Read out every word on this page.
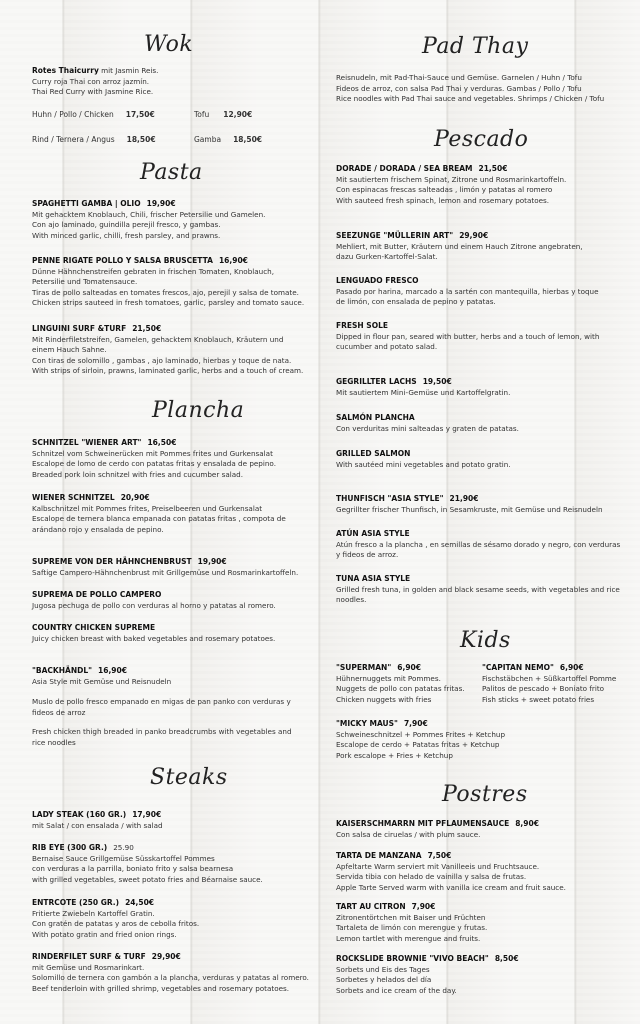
Wok
Rotes Thaicurry mit Jasmin Reis.
Curry roja Thai con arroz jazmín.
Thai Red Curry with Jasmine Rice.
Huhn / Pollo / Chicken 17,50€	Tofu 12,90€
Rind / Ternera / Angus 18,50€	Gamba 18,50€
Pasta
SPAGHETTI GAMBA | OLIO 19,90€
Mit gehacktem Knoblauch, Chili, frischer Petersilie und Gamelen.
Con ajo laminado, guindilla perejil fresco, y gambas.
With minced garlic, chilli, fresh parsley, and prawns.
PENNE RIGATE POLLO Y SALSA BRUSCETTA 16,90€
Dünne Hähnchenstreifen gebraten in frischen Tomaten, Knoblauch,
Petersilie und Tomatensauce.
Tiras de pollo salteadas en tomates frescos, ajo, perejil y salsa de tomate.
Chicken strips sauteed in fresh tomatoes, garlic, parsley and tomato sauce.
LINGUINI SURF &TURF 21,50€
Mit Rinderfiletstreifen, Gamelen, gehacktem Knoblauch, Kräutern und
einem Hauch Sahne.
Con tiras de solomillo , gambas , ajo laminado, hierbas y toque de nata.
With strips of sirloin, prawns, laminated garlic, herbs and a touch of cream.
Plancha
SCHNITZEL "WIENER ART" 16,50€
Schnitzel vom Schweinerücken mit Pommes frites und Gurkensalat
Escalope de lomo de cerdo con patatas fritas y ensalada de pepino.
Breaded pork loin schnitzel with fries and cucumber salad.
WIENER SCHNITZEL 20,90€
Kalbschnitzel mit Pommes frites, Preiselbeeren und Gurkensalat
Escalope de ternera blanca empanada con patatas fritas , compota de
arándano rojo y ensalada de pepino.
SUPREME VON DER HÄHNCHENBRUST 19,90€
Saftige Campero-Hähnchenbrust mit Grillgemüse und Rosmarinkartoffeln.
SUPREMA DE POLLO CAMPERO
Jugosa pechuga de pollo con verduras al horno y patatas al romero.
COUNTRY CHICKEN SUPREME
Juicy chicken breast with baked vegetables and rosemary potatoes.
"BACKHÄNDL" 16,90€
Asia Style mit Gemüse und Reisnudeln
Muslo de pollo fresco empanado en migas de pan panko con verduras y
fideos de arroz
Fresh chicken thigh breaded in panko breadcrumbs with vegetables and
rice noodles
Steaks
LADY STEAK (160 GR.) 17,90€
mit Salat / con ensalada / with salad
RIB EYE (300 GR.) 25.90
Bernaise Sauce Grillgemüse Süsskartoffel Pommes
con verduras a la parrilla, boniato frito y salsa bearnesa
with grilled vegetables, sweet potato fries and Béarnaise sauce.
ENTRCOTE (250 GR.) 24,50€
Fritierte Zwiebeln Kartoffel Gratin.
Con gratén de patatas y aros de cebolla fritos.
With potato gratin and fried onion rings.
RINDERFILET SURF & TURF 29,90€
mit Gemüse und Rosmarinkart.
Solomillo de ternera con gambón a la plancha, verduras y patatas al romero.
Beef tenderloin with grilled shrimp, vegetables and rosemary potatoes.
Pad Thay
Reisnudeln, mit Pad-Thai-Sauce und Gemüse. Garnelen / Huhn / Tofu
Fideos de arroz, con salsa Pad Thai y verduras. Gambas / Pollo / Tofu
Rice noodles with Pad Thai sauce and vegetables. Shrimps / Chicken / Tofu
Pescado
DORADE / DORADA / SEA BREAM 21,50€
Mit sautiertem frischem Spinat, Zitrone und Rosmarinkartoffeln.
Con espinacas frescas salteadas , limón y patatas al romero
With sauteed fresh spinach, lemon and rosemary potatoes.
SEEZUNGE "MÜLLERIN ART" 29,90€
Mehliert, mit Butter, Kräutern und einem Hauch Zitrone angebraten,
dazu Gurken-Kartoffel-Salat.
LENGUADO FRESCO
Pasado por harina, marcado a la sartén con mantequilla, hierbas y toque
de limón, con ensalada de pepino y patatas.
FRESH SOLE
Dipped in flour pan, seared with butter, herbs and a touch of lemon, with
cucumber and potato salad.
GEGRILLTER LACHS 19,50€
Mit sautiertem Mini-Gemüse und Kartoffelgratin.
SALMÓN PLANCHA
Con verduritas mini salteadas y graten de patatas.
GRILLED SALMON
With sautéed mini vegetables and potato gratin.
THUNFISCH "ASIA STYLE" 21,90€
Gegrillter frischer Thunfisch, in Sesamkruste, mit Gemüse und Reisnudeln
ATÚN ASIA STYLE
Atún fresco a la plancha , en semillas de sésamo dorado y negro, con verduras
y fideos de arroz.
TUNA ASIA STYLE
Grilled fresh tuna, in golden and black sesame seeds, with vegetables and rice
noodles.
Kids
"SUPERMAN" 6,90€
Hühnernuggets mit Pommes.
Nuggets de pollo con patatas fritas.
Chicken nuggets with fries
"CAPITAN NEMO" 6,90€
Fischstäbchen + Süßkartoffel Pomme
Palitos de pescado + Boniato frito
Fish sticks + sweet potato fries
"MICKY MAUS" 7,90€
Schweineschnitzel + Pommes Frites + Ketchup
Escalope de cerdo + Patatas fritas + Ketchup
Pork escalope + Fries + Ketchup
Postres
KAISERSCHMARRN MIT PFLAUMENSAUCE 8,90€
Con salsa de ciruelas / with plum sauce.
TARTA DE MANZANA 7,50€
Apfeltarte Warm serviert mit Vanilleeis und Fruchtsauce.
Servida tibia con helado de vainilla y salsa de frutas.
Apple Tarte Served warm with vanilla ice cream and fruit sauce.
TART AU CITRON 7,90€
Zitronentörtchen mit Baiser und Früchten
Tartaleta de limón con merengue y frutas.
Lemon tartlet with merengue and fruits.
ROCKSLIDE BROWNIE "VIVO BEACH" 8,50€
Sorbets und Eis des Tages
Sorbetes y helados del día
Sorbets and ice cream of the day.
